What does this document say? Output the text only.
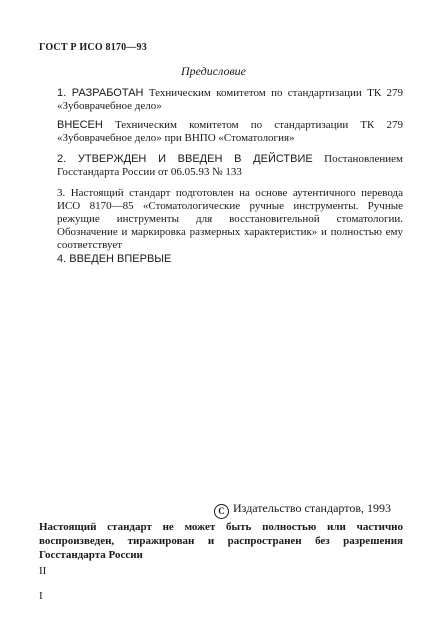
ГОСТ Р ИСО 8170—93
Предисловие

1. РАЗРАБОТАН Техническим комитетом по стандартизации ТК 279 «Зубоврачебное дело»

ВНЕСЕН Техническим комитетом по стандартизации ТК 279 «Зубоврачебное дело» при ВНПО «Стоматология»

2. УТВЕРЖДЕН И ВВЕДЕН В ДЕЙСТВИЕ Постановлением Госстандарта России от 06.05.93 № 133

3. Настоящий стандарт подготовлен на основе аутентичного перевода ИСО 8170—85 «Стоматологические ручные инструменты. Ручные режущие инструменты для восстановительной стоматологии. Обозначение и маркировка размерных характеристик» и полностью ему соответствует

4. ВВЕДЕН ВПЕРВЫЕ

C Издательство стандартов, 1993

Настоящий стандарт не может быть полностью или частично воспроизведен, тиражирован и распространен без разрешения Госстандарта России

II
I
